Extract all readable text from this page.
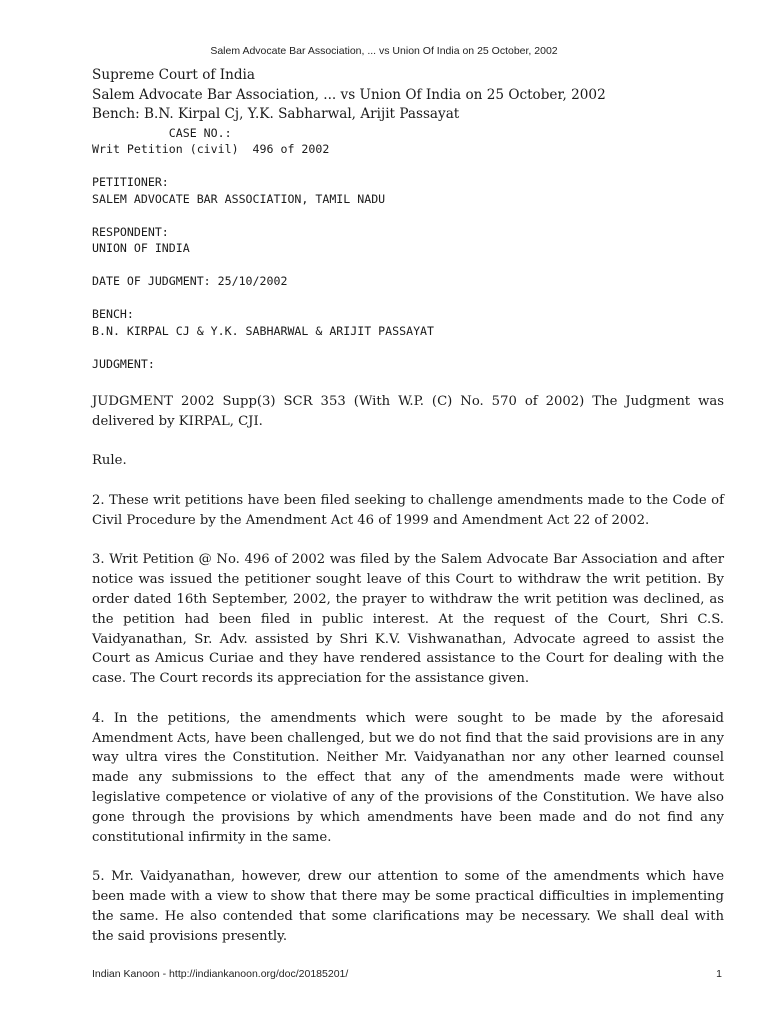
Salem Advocate Bar Association, ... vs Union Of India on 25 October, 2002

Supreme Court of India

Salem Advocate Bar Association, ... vs Union Of India on 25 October, 2002

Bench: B.N. Kirpal Cj, Y.K. Sabharwal, Arijit Passayat

CASE NO.:

Writ Petition (civil)  496 of 2002

PETITIONER:

SALEM ADVOCATE BAR ASSOCIATION, TAMIL NADU

RESPONDENT:

UNION OF INDIA

DATE OF JUDGMENT: 25/10/2002

BENCH:

B.N. KIRPAL CJ & Y.K. SABHARWAL & ARIJIT PASSAYAT

JUDGMENT:

JUDGMENT 2002 Supp(3) SCR 353 (With W.P. (C) No. 570 of 2002) The Judgment was delivered by KIRPAL, CJI.

Rule.

2. These writ petitions have been filed seeking to challenge amendments made to the Code of Civil Procedure by the Amendment Act 46 of 1999 and Amendment Act 22 of 2002.

3. Writ Petition @ No. 496 of 2002 was filed by the Salem Advocate Bar Association and after notice was issued the petitioner sought leave of this Court to withdraw the writ petition. By order dated 16th September, 2002, the prayer to withdraw the writ petition was declined, as the petition had been filed in public interest. At the request of the Court, Shri C.S. Vaidyanathan, Sr. Adv. assisted by Shri K.V. Vishwanathan, Advocate agreed to assist the Court as Amicus Curiae and they have rendered assistance to the Court for dealing with the case. The Court records its appreciation for the assistance given.

4. In the petitions, the amendments which were sought to be made by the aforesaid Amendment Acts, have been challenged, but we do not find that the said provisions are in any way ultra vires the Constitution. Neither Mr. Vaidyanathan nor any other learned counsel made any submissions to the effect that any of the amendments made were without legislative competence or violative of any of the provisions of the Constitution. We have also gone through the provisions by which amendments have been made and do not find any constitutional infirmity in the same.

5. Mr. Vaidyanathan, however, drew our attention to some of the amendments which have been made with a view to show that there may be some practical difficulties in implementing the same. He also contended that some clarifications may be necessary. We shall deal with the said provisions presently.

Indian Kanoon - http://indiankanoon.org/doc/20185201/	1
